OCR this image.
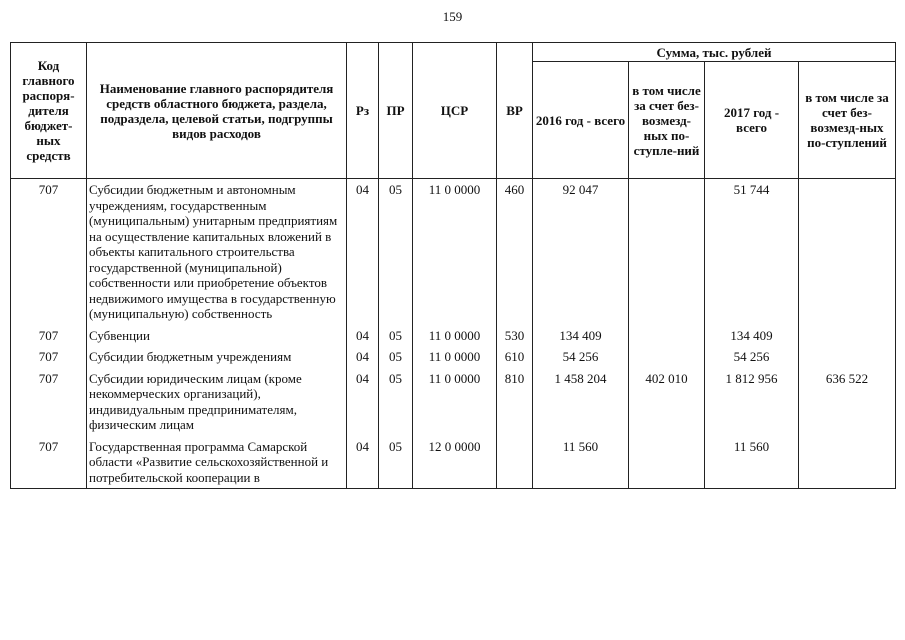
159
Код главного распоря-дителя бюджет-ных средств	Наименование главного распорядителя средств областного бюджета, раздела, подраздела, целевой статьи, подгруппы видов расходов	Рз	ПР	ЦСР	ВР	Сумма, тыс. рублей			
						2016 год - всего	в том числе за счет без-возмезд-ных по-ступле-ний	2017 год - всего	в том числе за счет без-возмезд-ных по-ступлений
707	Субсидии бюджетным и автономным учреждениям, государственным (муниципальным) унитарным предприятиям на осуществление капитальных вложений в объекты капитального строительства государственной (муниципальной) собственности или приобретение объектов недвижимого имущества в государственную (муниципальную) собственность	04	05	11 0 0000	460	92 047		51 744	
707	Субвенции	04	05	11 0 0000	530	134 409		134 409	
707	Субсидии бюджетным учреждениям	04	05	11 0 0000	610	54 256		54 256	
707	Субсидии юридическим лицам (кроме некоммерческих организаций), индивидуальным предпринимателям, физическим лицам	04	05	11 0 0000	810	1 458 204	402 010	1 812 956	636 522
707	Государственная программа Самарской области «Развитие сельскохозяйственной и потребительской кооперации в	04	05	12 0 0000		11 560		11 560	
